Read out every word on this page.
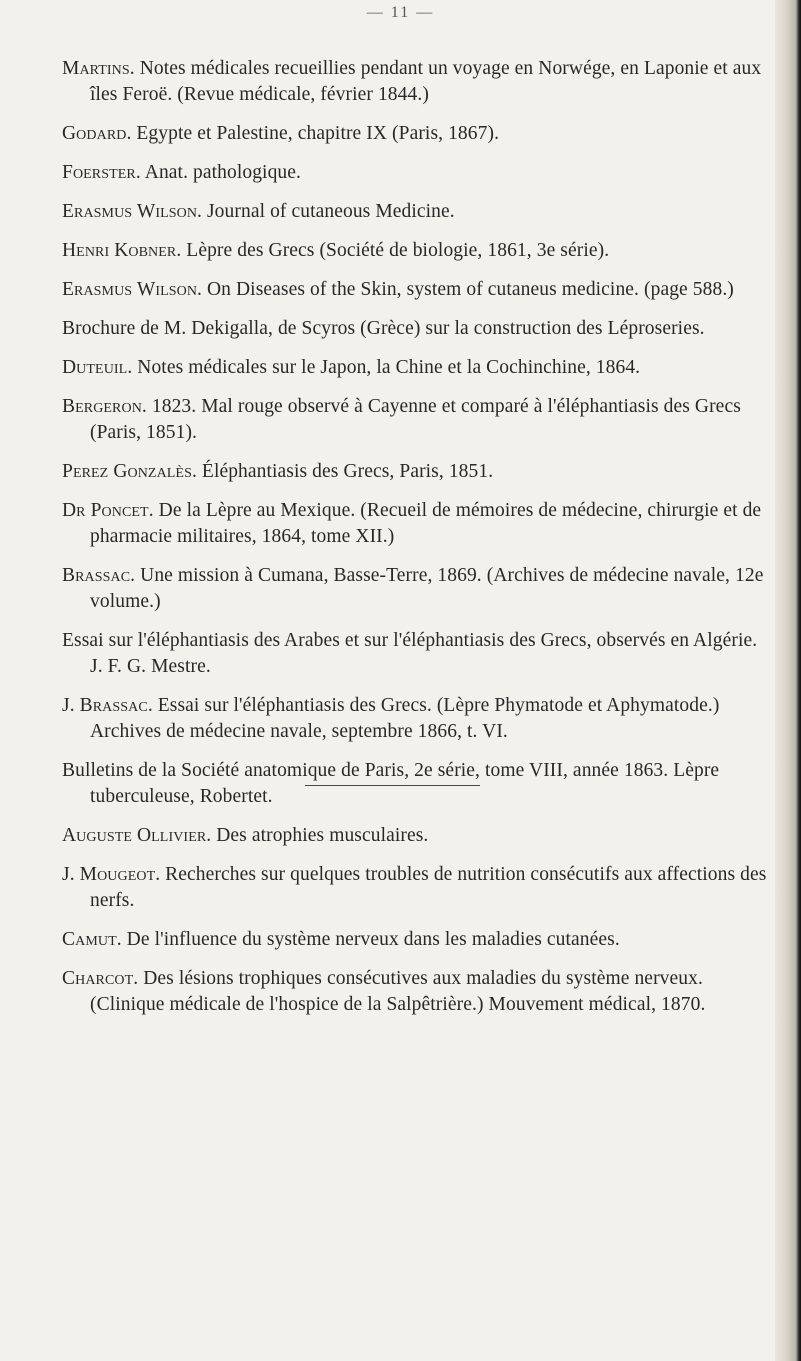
— 11 —

Martins. Notes médicales recueillies pendant un voyage en Norwége, en Laponie et aux îles Feroë. (Revue médicale, février 1844.)

Godard. Egypte et Palestine, chapitre IX (Paris, 1867).

Foerster. Anat. pathologique.

Erasmus Wilson. Journal of cutaneous Medicine.

Henri Kobner. Lèpre des Grecs (Société de biologie, 1861, 3e série).

Erasmus Wilson. On Diseases of the Skin, system of cutaneus medicine. (page 588.)

Brochure de M. Dekigalla, de Scyros (Grèce) sur la construction des Léproseries.

Duteuil. Notes médicales sur le Japon, la Chine et la Cochinchine, 1864.

Bergeron. 1823. Mal rouge observé à Cayenne et comparé à l'éléphantiasis des Grecs (Paris, 1851).

Perez Gonzalès. Éléphantiasis des Grecs, Paris, 1851.

Dr Poncet. De la Lèpre au Mexique. (Recueil de mémoires de médecine, chirurgie et de pharmacie militaires, 1864, tome XII.)

Brassac. Une mission à Cumana, Basse-Terre, 1869. (Archives de médecine navale, 12e volume.)

Essai sur l'éléphantiasis des Arabes et sur l'éléphantiasis des Grecs, observés en Algérie. J. F. G. Mestre.

J. Brassac. Essai sur l'éléphantiasis des Grecs. (Lèpre Phymatode et Aphymatode.) Archives de médecine navale, septembre 1866, t. VI.

Bulletins de la Société anatomique de Paris, 2e série, tome VIII, année 1863. Lèpre tuberculeuse, Robertet.

Auguste Ollivier. Des atrophies musculaires.

J. Mougeot. Recherches sur quelques troubles de nutrition consécutifs aux affections des nerfs.

Camut. De l'influence du système nerveux dans les maladies cutanées.

Charcot. Des lésions trophiques consécutives aux maladies du système nerveux. (Clinique médicale de l'hospice de la Salpêtrière.) Mouvement médical, 1870.
